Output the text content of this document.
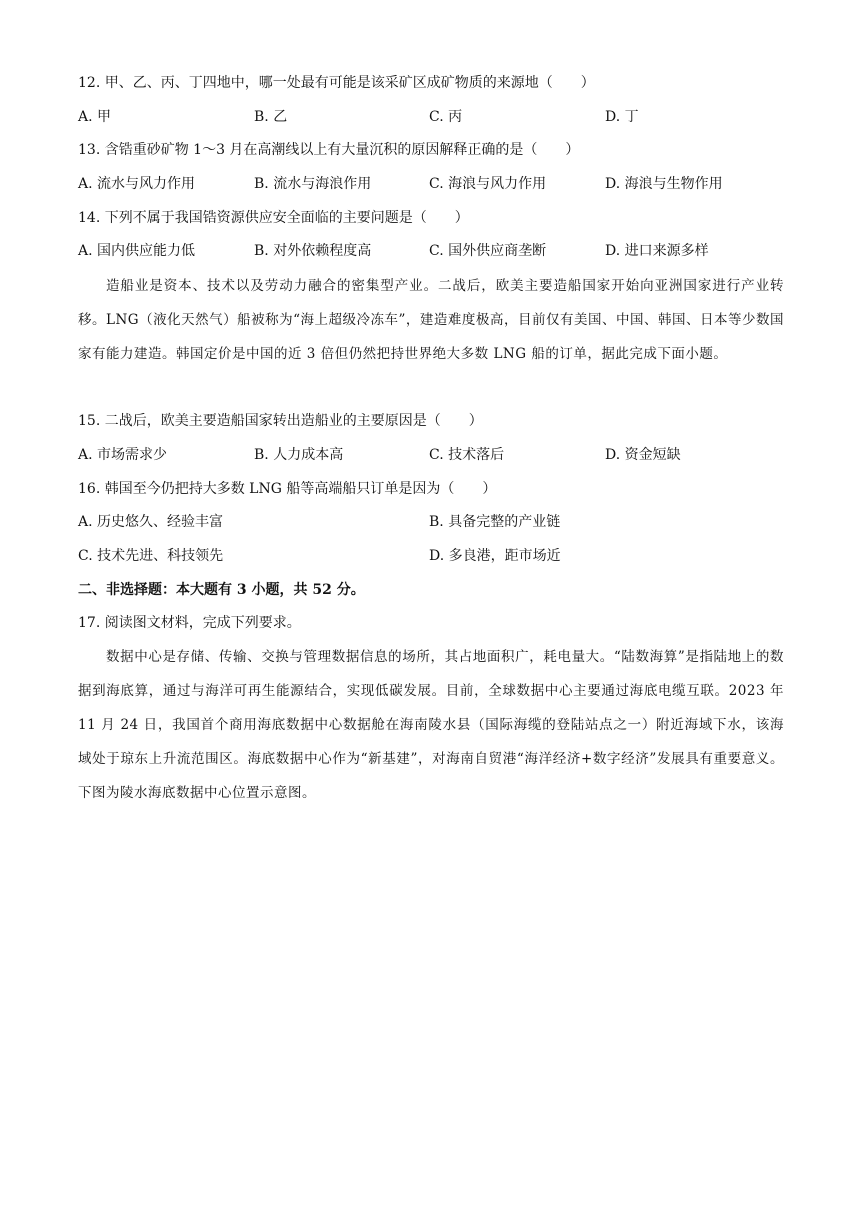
12. 甲、乙、丙、丁四地中，哪一处最有可能是该采矿区成矿物质的来源地（　　）
A. 甲	B. 乙	C. 丙	D. 丁
13. 含锆重砂矿物 1～3 月在高潮线以上有大量沉积的原因解释正确的是（　　）
A. 流水与风力作用	B. 流水与海浪作用	C. 海浪与风力作用	D. 海浪与生物作用
14. 下列不属于我国锆资源供应安全面临的主要问题是（　　）
A. 国内供应能力低	B. 对外依赖程度高	C. 国外供应商垄断	D. 进口来源多样
造船业是资本、技术以及劳动力融合的密集型产业。二战后，欧美主要造船国家开始向亚洲国家进行产业转移。LNG（液化天然气）船被称为“海上超级冷冻车”，建造难度极高，目前仅有美国、中国、韩国、日本等少数国家有能力建造。韩国定价是中国的近 3 倍但仍然把持世界绝大多数 LNG 船的订单，据此完成下面小题。
15. 二战后，欧美主要造船国家转出造船业的主要原因是（　　）
A. 市场需求少	B. 人力成本高	C. 技术落后	D. 资金短缺
16. 韩国至今仍把持大多数 LNG 船等高端船只订单是因为（　　）
A. 历史悠久、经验丰富	B. 具备完整的产业链
C. 技术先进、科技领先	D. 多良港，距市场近
二、非选择题：本大题有 3 小题，共 52 分。
17. 阅读图文材料，完成下列要求。
数据中心是存储、传输、交换与管理数据信息的场所，其占地面积广，耗电量大。“陆数海算”是指陆地上的数据到海底算，通过与海洋可再生能源结合，实现低碳发展。目前，全球数据中心主要通过海底电缆互联。2023 年 11 月 24 日，我国首个商用海底数据中心数据舱在海南陵水县（国际海缆的登陆站点之一）附近海域下水，该海域处于琼东上升流范围区。海底数据中心作为“新基建”，对海南自贸港“海洋经济+数字经济”发展具有重要意义。下图为陵水海底数据中心位置示意图。
